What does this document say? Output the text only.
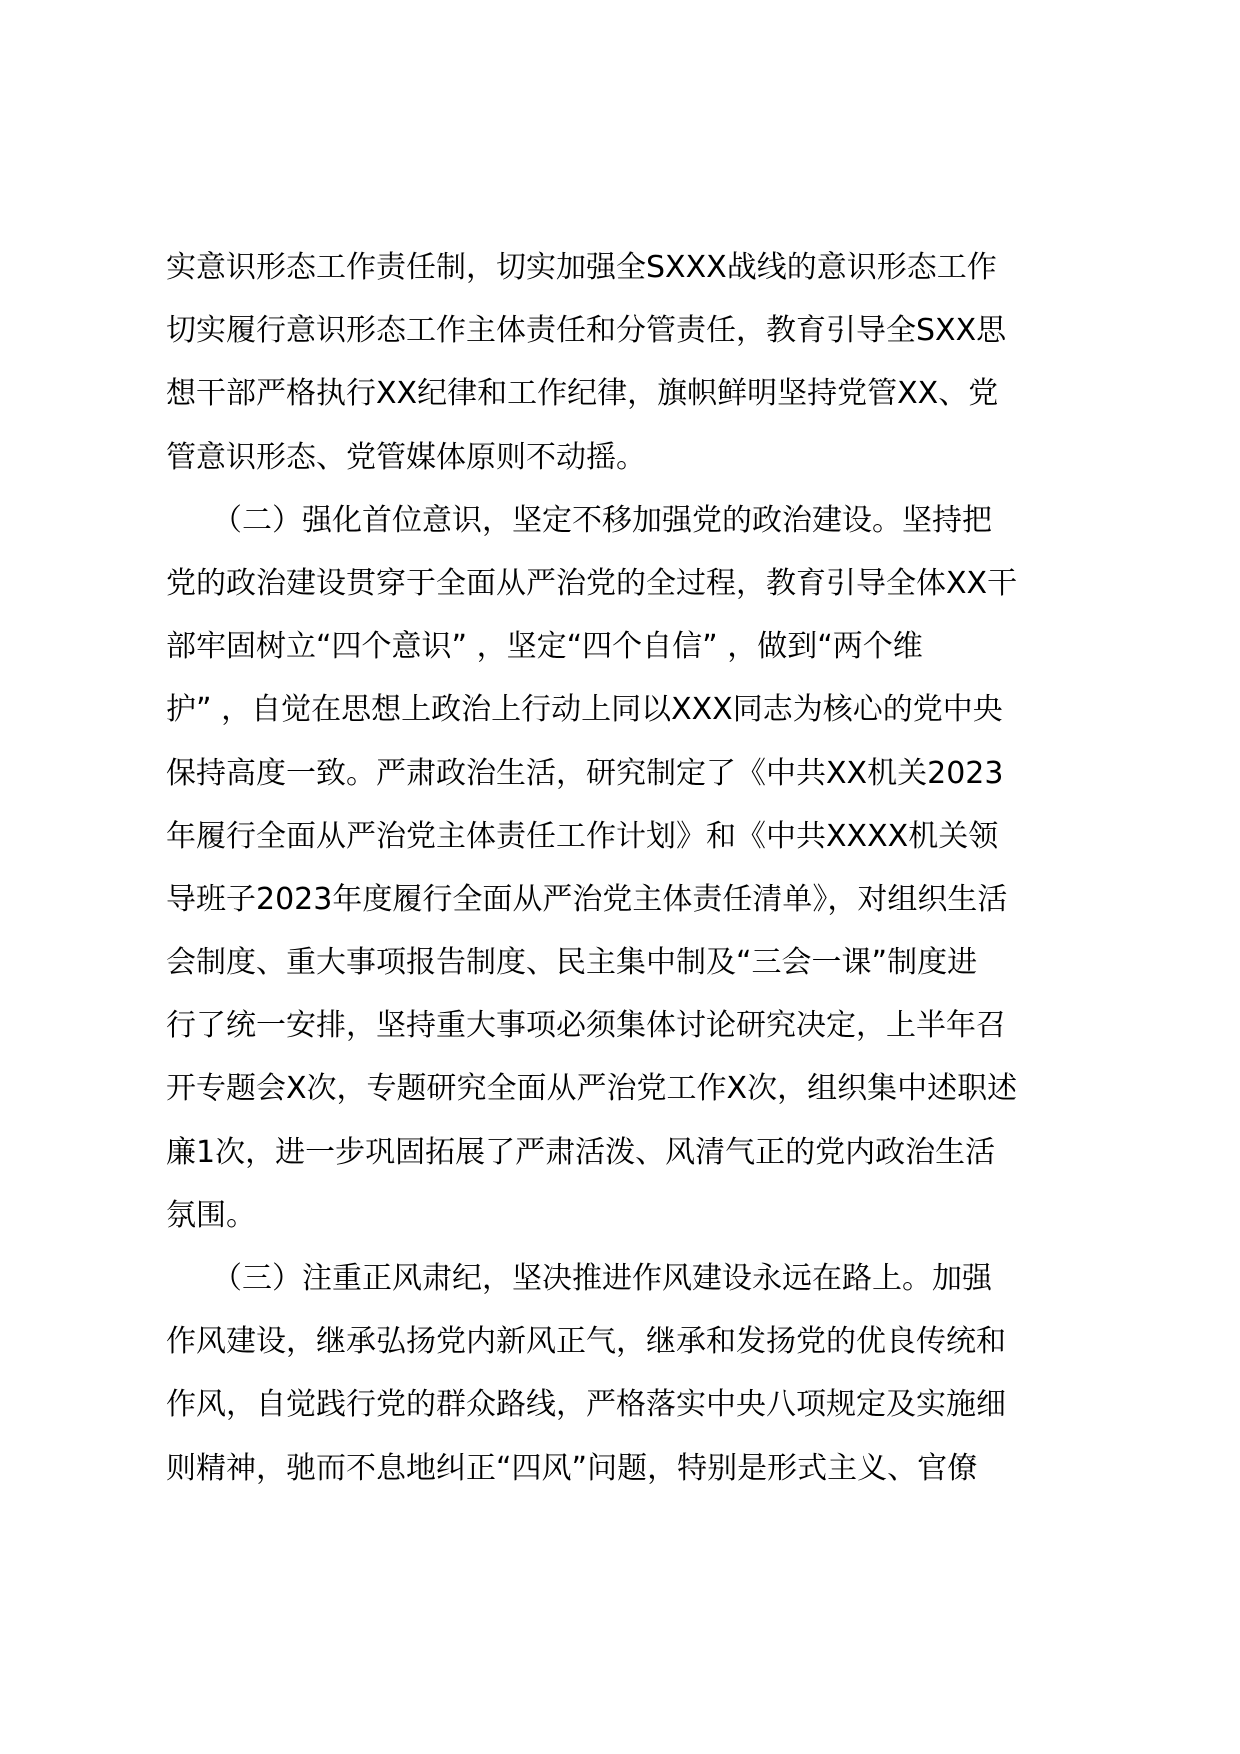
实意识形态工作责任制，切实加强全SXXX战线的意识形态工作
切实履行意识形态工作主体责任和分管责任，教育引导全SXX思
想干部严格执行XX纪律和工作纪律，旗帜鲜明坚持党管XX、党
管意识形态、党管媒体原则不动摇。
（二）强化首位意识，坚定不移加强党的政治建设。坚持把
党的政治建设贯穿于全面从严治党的全过程，教育引导全体XX干
部牢固树立“四个意识” ，坚定“四个自信” ，做到“两个维
护” ，自觉在思想上政治上行动上同以XXX同志为核心的党中央
保持高度一致。严肃政治生活，研究制定了《中共XX机关2023
年履行全面从严治党主体责任工作计划》和《中共XXXX机关领
导班子2023年度履行全面从严治党主体责任清单》，对组织生活
会制度、重大事项报告制度、民主集中制及“三会一课”制度进
行了统一安排，坚持重大事项必须集体讨论研究决定，上半年召
开专题会X次，专题研究全面从严治党工作X次，组织集中述职述
廉1次，进一步巩固拓展了严肃活泼、风清气正的党内政治生活
氛围。
（三）注重正风肃纪，坚决推进作风建设永远在路上。加强
作风建设，继承弘扬党内新风正气，继承和发扬党的优良传统和
作风，自觉践行党的群众路线，严格落实中央八项规定及实施细
则精神，驰而不息地纠正“四风”问题，特别是形式主义、官僚
